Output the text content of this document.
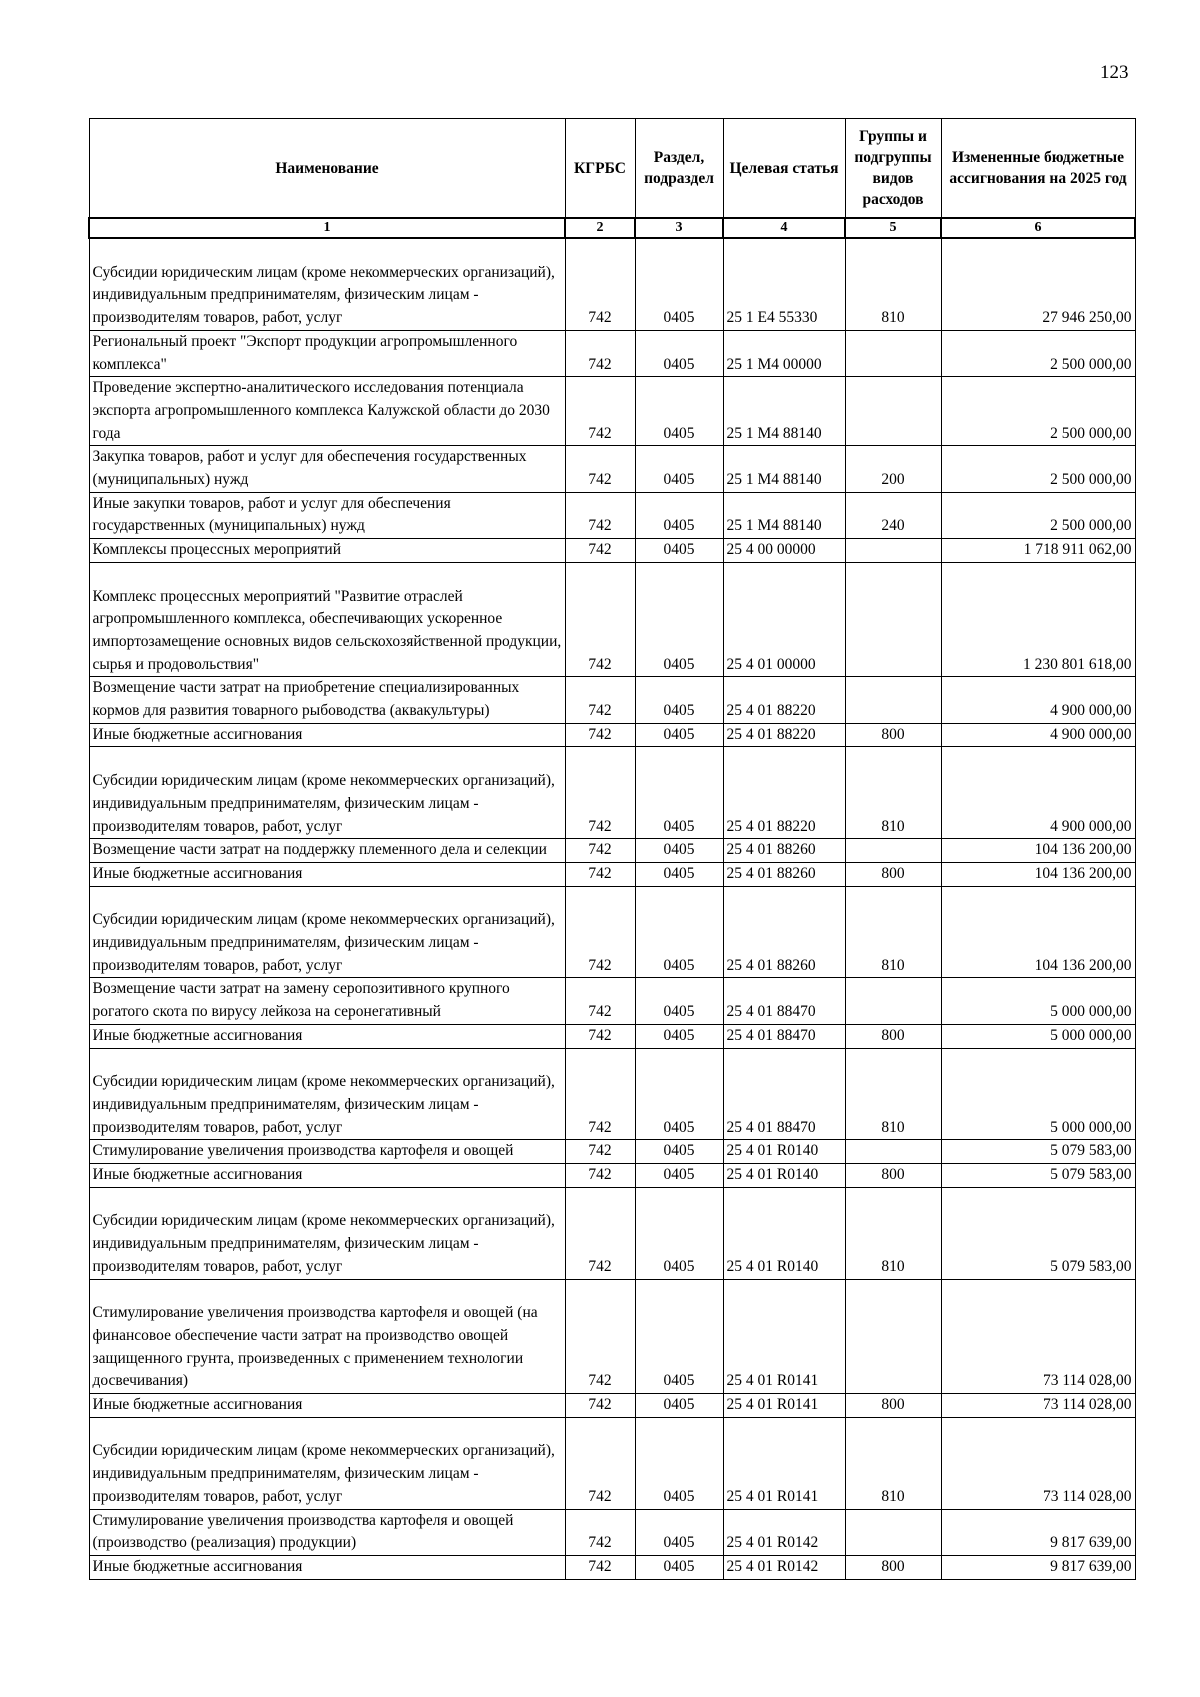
123
Наименование	КГРБС	Раздел, подраздел	Целевая статья	Группы и подгруппы видов расходов	Измененные бюджетные ассигнования на 2025 год
1	2	3	4	5	6

Субсидии юридическим лицам (кроме некоммерческих организаций), индивидуальным предпринимателям, физическим лицам - производителям товаров, работ, услуг	742	0405	25 1 Е4 55330	810	27 946 250,00
Региональный проект "Экспорт продукции агропромышленного комплекса"	742	0405	25 1 М4 00000		2 500 000,00
Проведение экспертно-аналитического исследования потенциала экспорта агропромышленного комплекса Калужской области до 2030 года	742	0405	25 1 М4 88140		2 500 000,00
Закупка товаров, работ и услуг для обеспечения государственных (муниципальных) нужд	742	0405	25 1 М4 88140	200	2 500 000,00
Иные закупки товаров, работ и услуг для обеспечения государственных (муниципальных) нужд	742	0405	25 1 М4 88140	240	2 500 000,00
Комплексы процессных мероприятий	742	0405	25 4 00 00000		1 718 911 062,00

Комплекс процессных мероприятий "Развитие отраслей агропромышленного комплекса, обеспечивающих ускоренное импортозамещение основных видов сельскохозяйственной продукции, сырья и продовольствия"	742	0405	25 4 01 00000		1 230 801 618,00
Возмещение части затрат на приобретение специализированных кормов для развития товарного рыбоводства (аквакультуры)	742	0405	25 4 01 88220		4 900 000,00
Иные бюджетные ассигнования	742	0405	25 4 01 88220	800	4 900 000,00

Субсидии юридическим лицам (кроме некоммерческих организаций), индивидуальным предпринимателям, физическим лицам - производителям товаров, работ, услуг	742	0405	25 4 01 88220	810	4 900 000,00
Возмещение части затрат на поддержку племенного дела и селекции	742	0405	25 4 01 88260		104 136 200,00
Иные бюджетные ассигнования	742	0405	25 4 01 88260	800	104 136 200,00

Субсидии юридическим лицам (кроме некоммерческих организаций), индивидуальным предпринимателям, физическим лицам - производителям товаров, работ, услуг	742	0405	25 4 01 88260	810	104 136 200,00
Возмещение части затрат на замену серопозитивного крупного рогатого скота по вирусу лейкоза на серонегативный	742	0405	25 4 01 88470		5 000 000,00
Иные бюджетные ассигнования	742	0405	25 4 01 88470	800	5 000 000,00

Субсидии юридическим лицам (кроме некоммерческих организаций), индивидуальным предпринимателям, физическим лицам - производителям товаров, работ, услуг	742	0405	25 4 01 88470	810	5 000 000,00
Стимулирование увеличения производства картофеля и овощей	742	0405	25 4 01 R0140		5 079 583,00
Иные бюджетные ассигнования	742	0405	25 4 01 R0140	800	5 079 583,00

Субсидии юридическим лицам (кроме некоммерческих организаций), индивидуальным предпринимателям, физическим лицам - производителям товаров, работ, услуг	742	0405	25 4 01 R0140	810	5 079 583,00

Стимулирование увеличения производства картофеля и овощей (на финансовое обеспечение части затрат на производство овощей защищенного грунта, произведенных с применением технологии досвечивания)	742	0405	25 4 01 R0141		73 114 028,00
Иные бюджетные ассигнования	742	0405	25 4 01 R0141	800	73 114 028,00

Субсидии юридическим лицам (кроме некоммерческих организаций), индивидуальным предпринимателям, физическим лицам - производителям товаров, работ, услуг	742	0405	25 4 01 R0141	810	73 114 028,00
Стимулирование увеличения производства картофеля и овощей (производство (реализация) продукции)	742	0405	25 4 01 R0142		9 817 639,00
Иные бюджетные ассигнования	742	0405	25 4 01 R0142	800	9 817 639,00
